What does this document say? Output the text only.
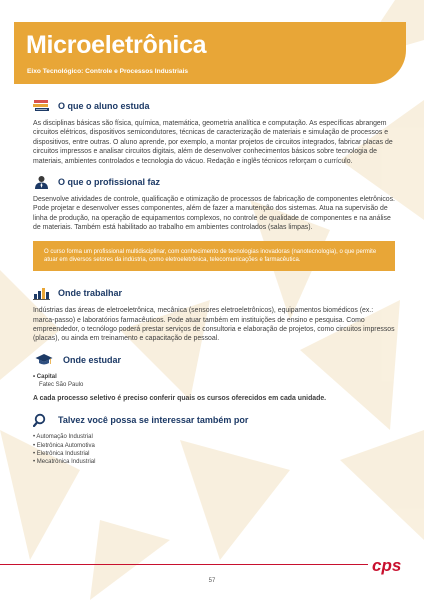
Microeletrônica
Eixo Tecnológico: Controle e Processos Industriais
O que o aluno estuda

As disciplinas básicas são física, química, matemática, geometria analítica e computação. As específicas abrangem circuitos elétricos, dispositivos semicondutores, técnicas de caracterização de materiais e simulação de processos e dispositivos, entre outras. O aluno aprende, por exemplo, a montar projetos de circuitos integrados, fabricar placas de circuitos impressos e analisar circuitos digitais, além de desenvolver conhecimentos básicos sobre tecnologia de materiais, ambientes controlados e tecnologia do vácuo. Redação e inglês técnicos reforçam o currículo.

O que o profissional faz

Desenvolve atividades de controle, qualificação e otimização de processos de fabricação de componentes eletrônicos. Pode projetar e desenvolver esses componentes, além de fazer a manutenção dos sistemas. Atua na supervisão de linha de produção, na operação de equipamentos complexos, no controle de qualidade de componentes e na análise de materiais. Também está habilitado ao trabalho em ambientes controlados (salas limpas).

O curso forma um profissional multidisciplinar, com conhecimento de tecnologias inovadoras (nanotecnologia), o que permite atuar em diversos setores da indústria, como eletroeletrônica, telecomunicações e farmacêutica.
Onde trabalhar

Indústrias das áreas de eletroeletrônica, mecânica (sensores eletroeletrônicos), equipamentos biomédicos (ex.: marca-passo) e laboratórios farmacêuticos. Pode atuar também em instituições de ensino e pesquisa. Como empreendedor, o tecnólogo poderá prestar serviços de consultoria e elaboração de projetos, como circuitos impressos (placas), ou ainda em treinamento e capacitação de pessoal.

Onde estudar
• Capital
Fatec São Paulo

A cada processo seletivo é preciso conferir quais os cursos oferecidos em cada unidade.

Talvez você possa se interessar também por
• Automação Industrial
• Eletrônica Automotiva
• Eletrônica Industrial
• Mecatrônica Industrial
cps
57
